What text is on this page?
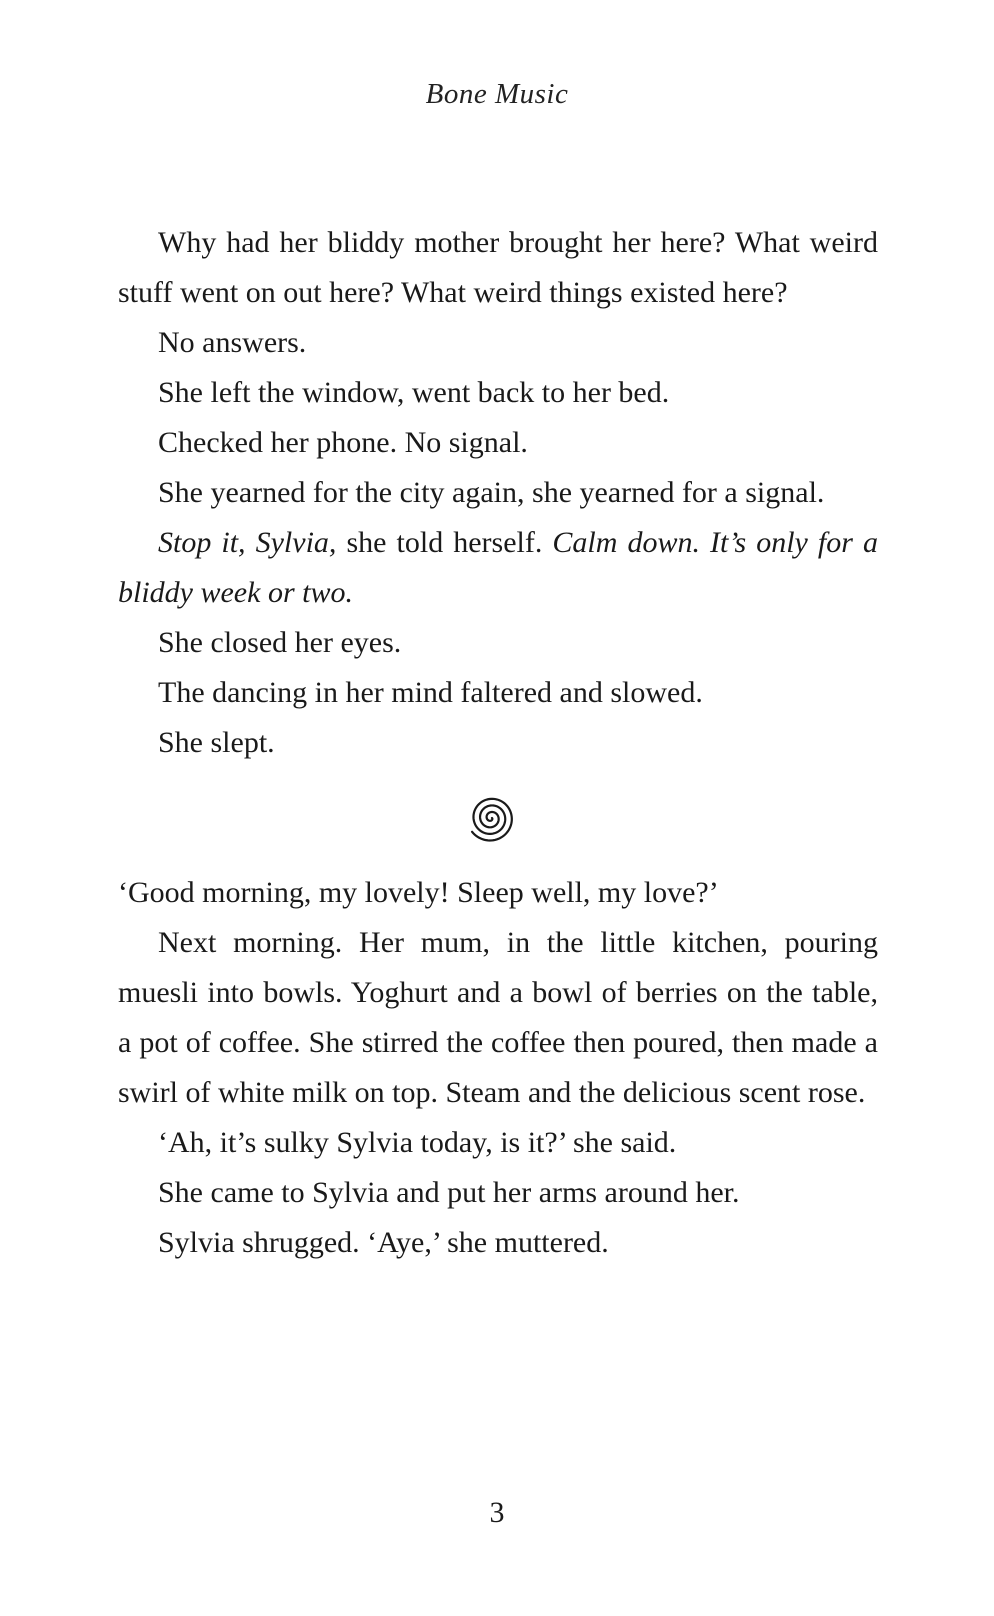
Bone Music

Why had her bliddy mother brought her here? What weird stuff went on out here? What weird things existed here?

No answers.

She left the window, went back to her bed.

Checked her phone. No signal.

She yearned for the city again, she yearned for a signal.

Stop it, Sylvia, she told herself. Calm down. It’s only for a bliddy week or two.

She closed her eyes.

The dancing in her mind faltered and slowed.

She slept.

‘Good morning, my lovely! Sleep well, my love?’

Next morning. Her mum, in the little kitchen, pouring muesli into bowls. Yoghurt and a bowl of berries on the table, a pot of coffee. She stirred the coffee then poured, then made a swirl of white milk on top. Steam and the delicious scent rose.

‘Ah, it’s sulky Sylvia today, is it?’ she said.

She came to Sylvia and put her arms around her.

Sylvia shrugged. ‘Aye,’ she muttered.

3
